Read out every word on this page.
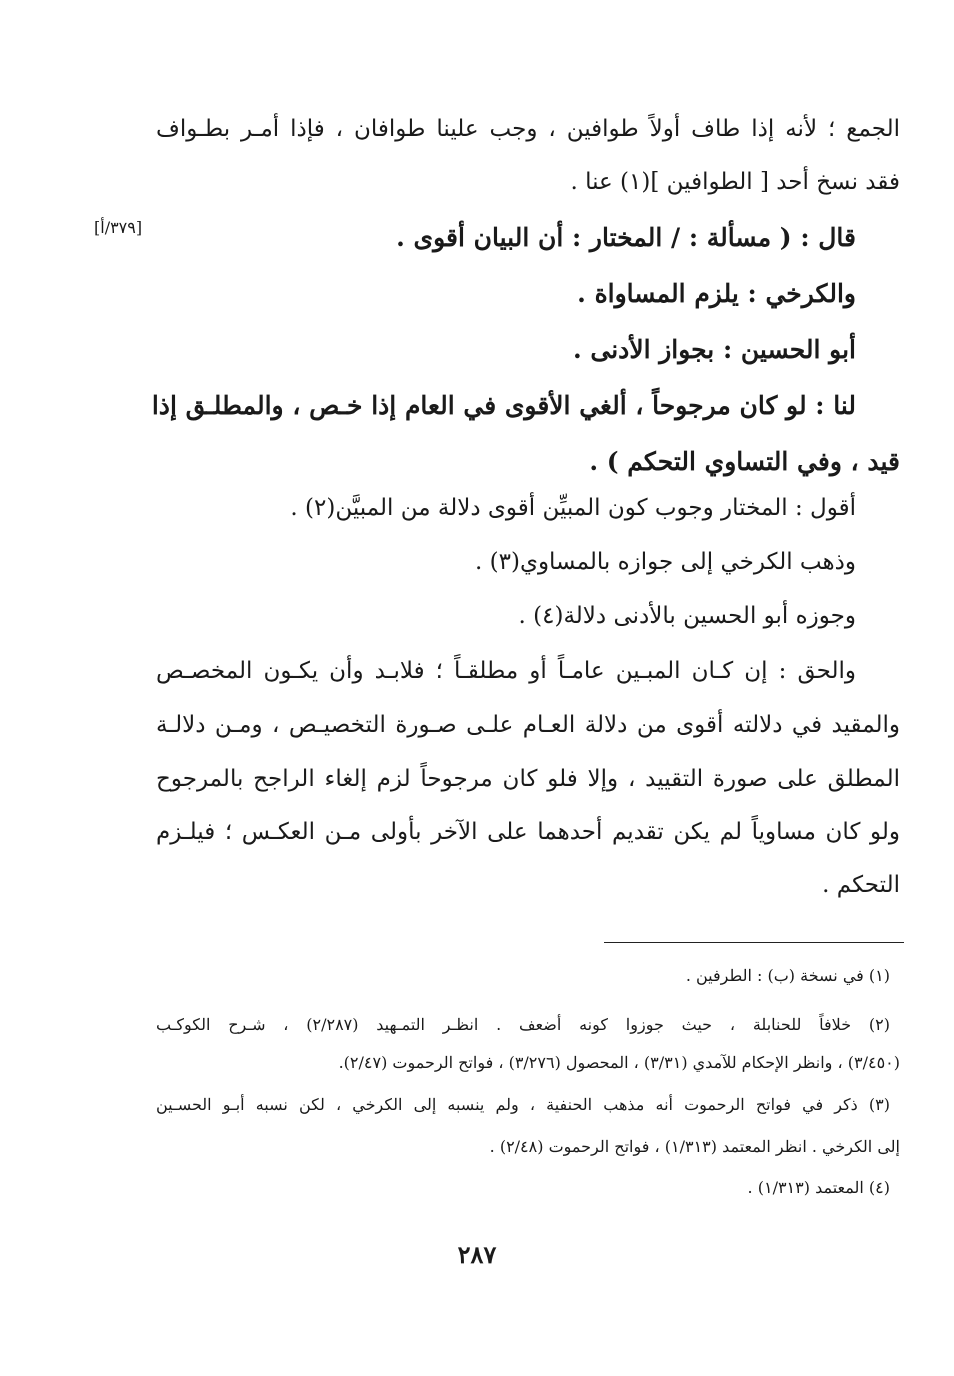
الجمع ؛ لأنه إذا طاف أولاً طوافين ، وجب علينا طوافان ، فإذا أمـر بطـواف
فقد نسخ أحد [ الطوافين ](١) عنا .
[٣٧٩/أ]	قال : ( مسألة : / المختار : أن البيان أقوى .
والكرخي : يلزم المساواة .
أبو الحسين : بجواز الأدنى .
لنا : لو كان مرجوحاً ، ألغي الأقوى في العام إذا خـص ، والمطلـق إذا
قيد ، وفي التساوي التحكم ) .
أقول : المختار وجوب كون المبيِّن أقوى دلالة من المبيَّن(٢) .
وذهب الكرخي إلى جوازه بالمساوي(٣) .
وجوزه أبو الحسين بالأدنى دلالة(٤) .
والحق : إن كـان المبـين عامـاً أو مطلقـاً ؛ فلابـد وأن يكـون المخصـص
والمقيد في دلالته أقوى من دلالة العـام علـى صـورة التخصيـص ، ومـن دلالـة
المطلق على صورة التقييد ، وإلا فلو كان مرجوحاً لزم إلغاء الراجح بالمرجوح
ولو كان مساوياً لم يكن تقديم أحدهما على الآخر بأولى مـن العكـس ؛ فيلـزم
التحكم .
(١) في نسخة (ب) : الطرفين .
(٢) خلافاً للحنابلة ، حيث جوزوا كونه أضعف . انظـر التمـهيد (٢/٢٨٧) ، شـرح الكوكـب
(٣/٤٥٠) ، وانظر الإحكام للآمدي (٣/٣١) ، المحصول (٣/٢٧٦) ، فواتح الرحموت (٢/٤٧).
(٣) ذكر في فواتح الرحموت أنه مذهب الحنفية ، ولم ينسبه إلى الكرخي ، لكن نسبه أبـو الحسـين
إلى الكرخي . انظر المعتمد (١/٣١٣) ، فواتح الرحموت (٢/٤٨) .
(٤) المعتمد (١/٣١٣) .
٢٨٧
